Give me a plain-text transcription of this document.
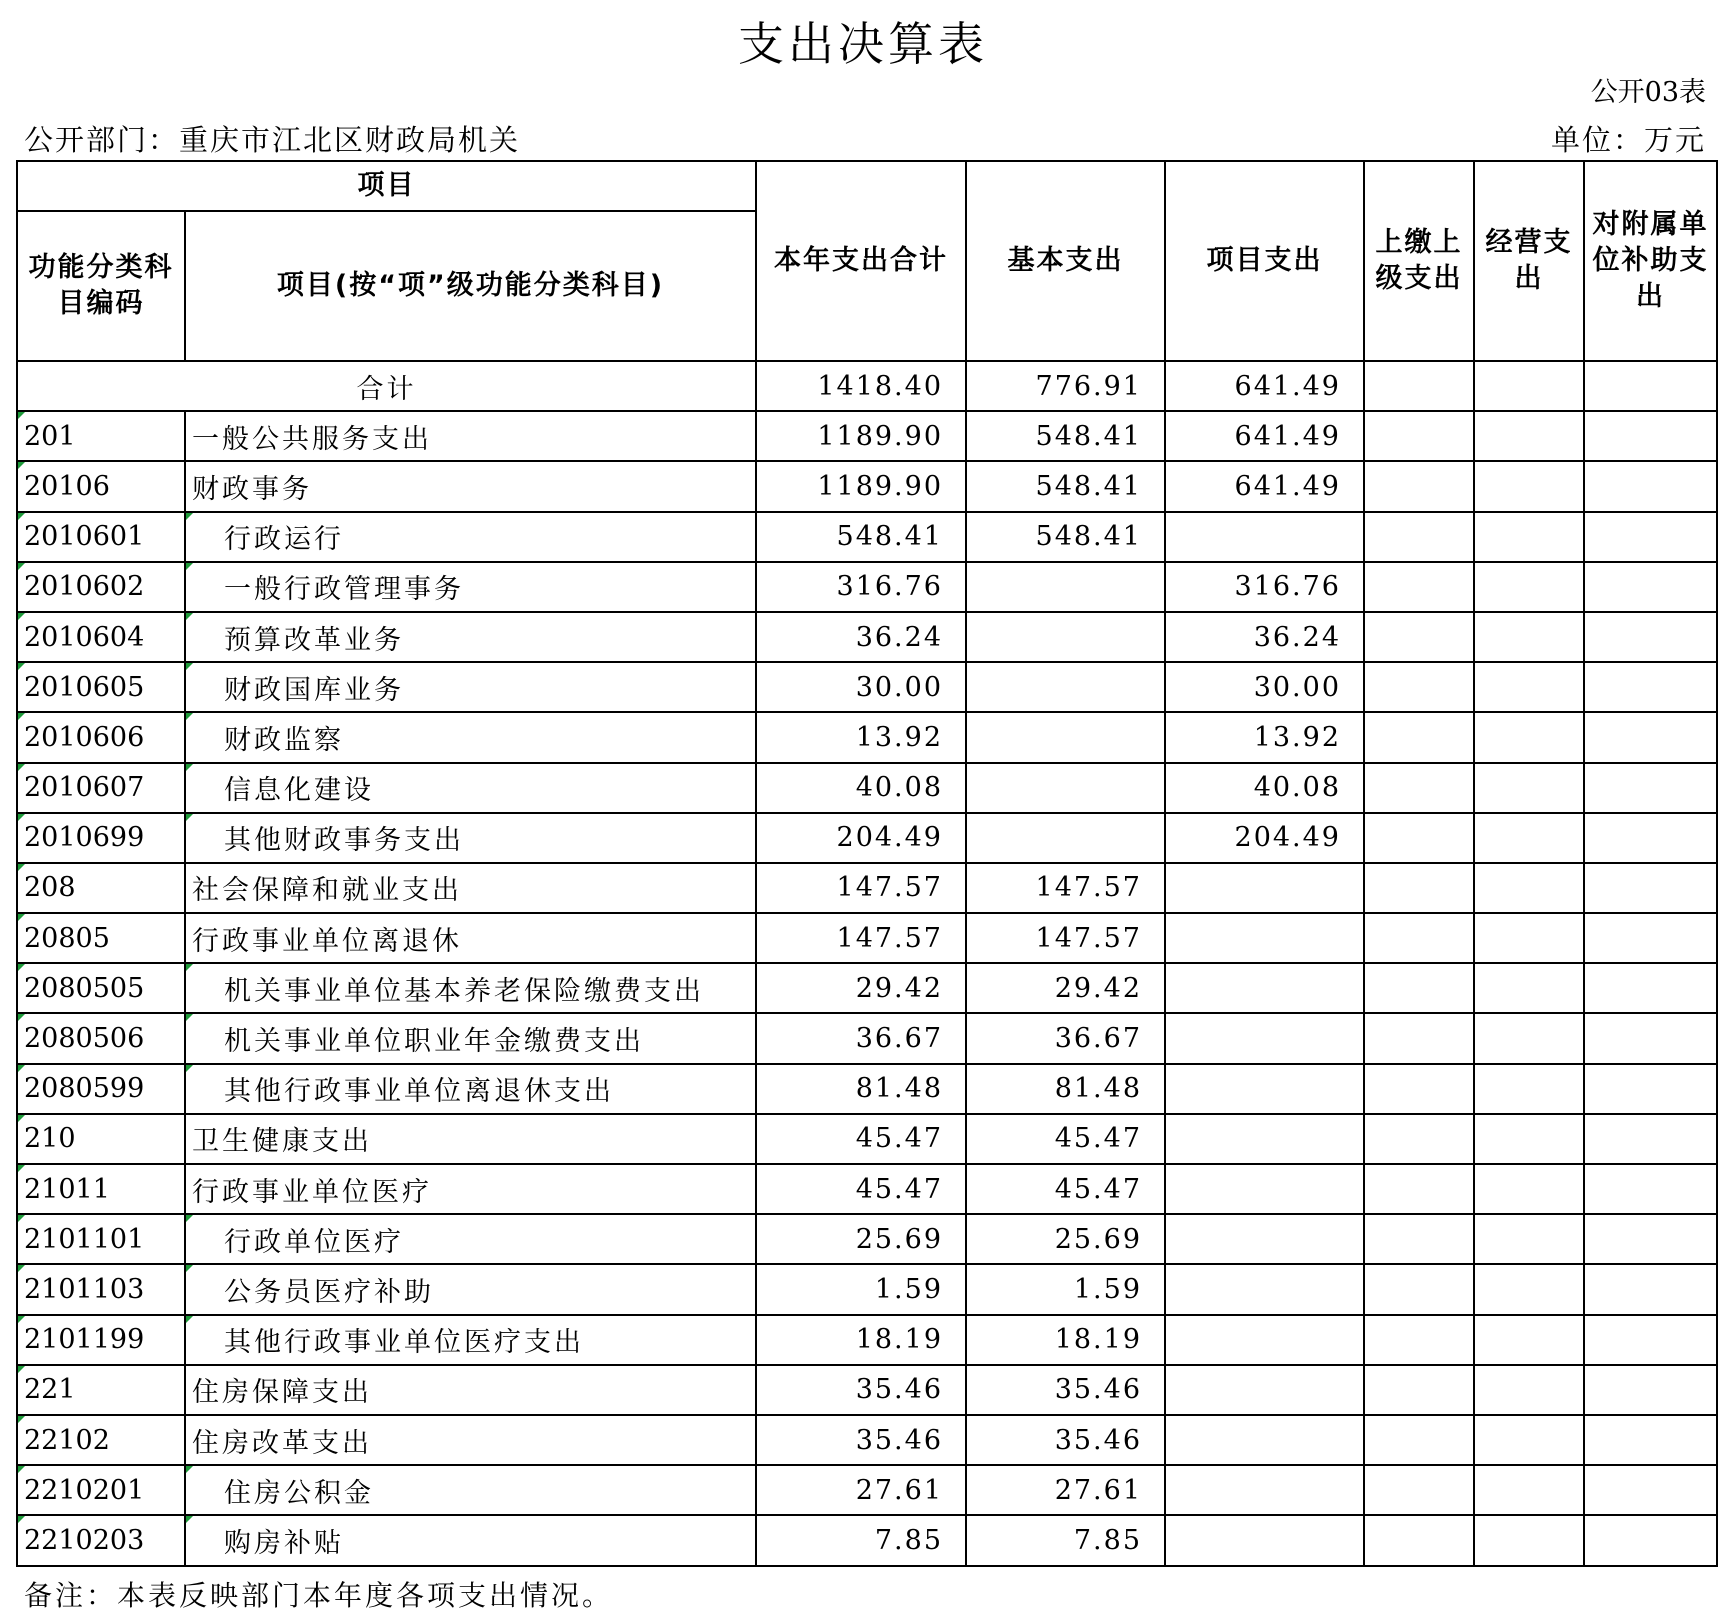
支出决算表
公开03表
公开部门：重庆市江北区财政局机关	单位：万元
项目		本年支出合计	基本支出	项目支出	上缴上级支出	经营支出	对附属单位补助支出
功能分类科目编码	项目(按“项”级功能分类科目)						
合计		1418.40	776.91	641.49			
201	一般公共服务支出	1189.90	548.41	641.49			
20106	财政事务	1189.90	548.41	641.49			
2010601	行政运行	548.41	548.41				
2010602	一般行政管理事务	316.76		316.76			
2010604	预算改革业务	36.24		36.24			
2010605	财政国库业务	30.00		30.00			
2010606	财政监察	13.92		13.92			
2010607	信息化建设	40.08		40.08			
2010699	其他财政事务支出	204.49		204.49			
208	社会保障和就业支出	147.57	147.57				
20805	行政事业单位离退休	147.57	147.57				
2080505	机关事业单位基本养老保险缴费支出	29.42	29.42				
2080506	机关事业单位职业年金缴费支出	36.67	36.67				
2080599	其他行政事业单位离退休支出	81.48	81.48				
210	卫生健康支出	45.47	45.47				
21011	行政事业单位医疗	45.47	45.47				
2101101	行政单位医疗	25.69	25.69				
2101103	公务员医疗补助	1.59	1.59				
2101199	其他行政事业单位医疗支出	18.19	18.19				
221	住房保障支出	35.46	35.46				
22102	住房改革支出	35.46	35.46				
2210201	住房公积金	27.61	27.61				
2210203	购房补贴	7.85	7.85				
备注：本表反映部门本年度各项支出情况。
